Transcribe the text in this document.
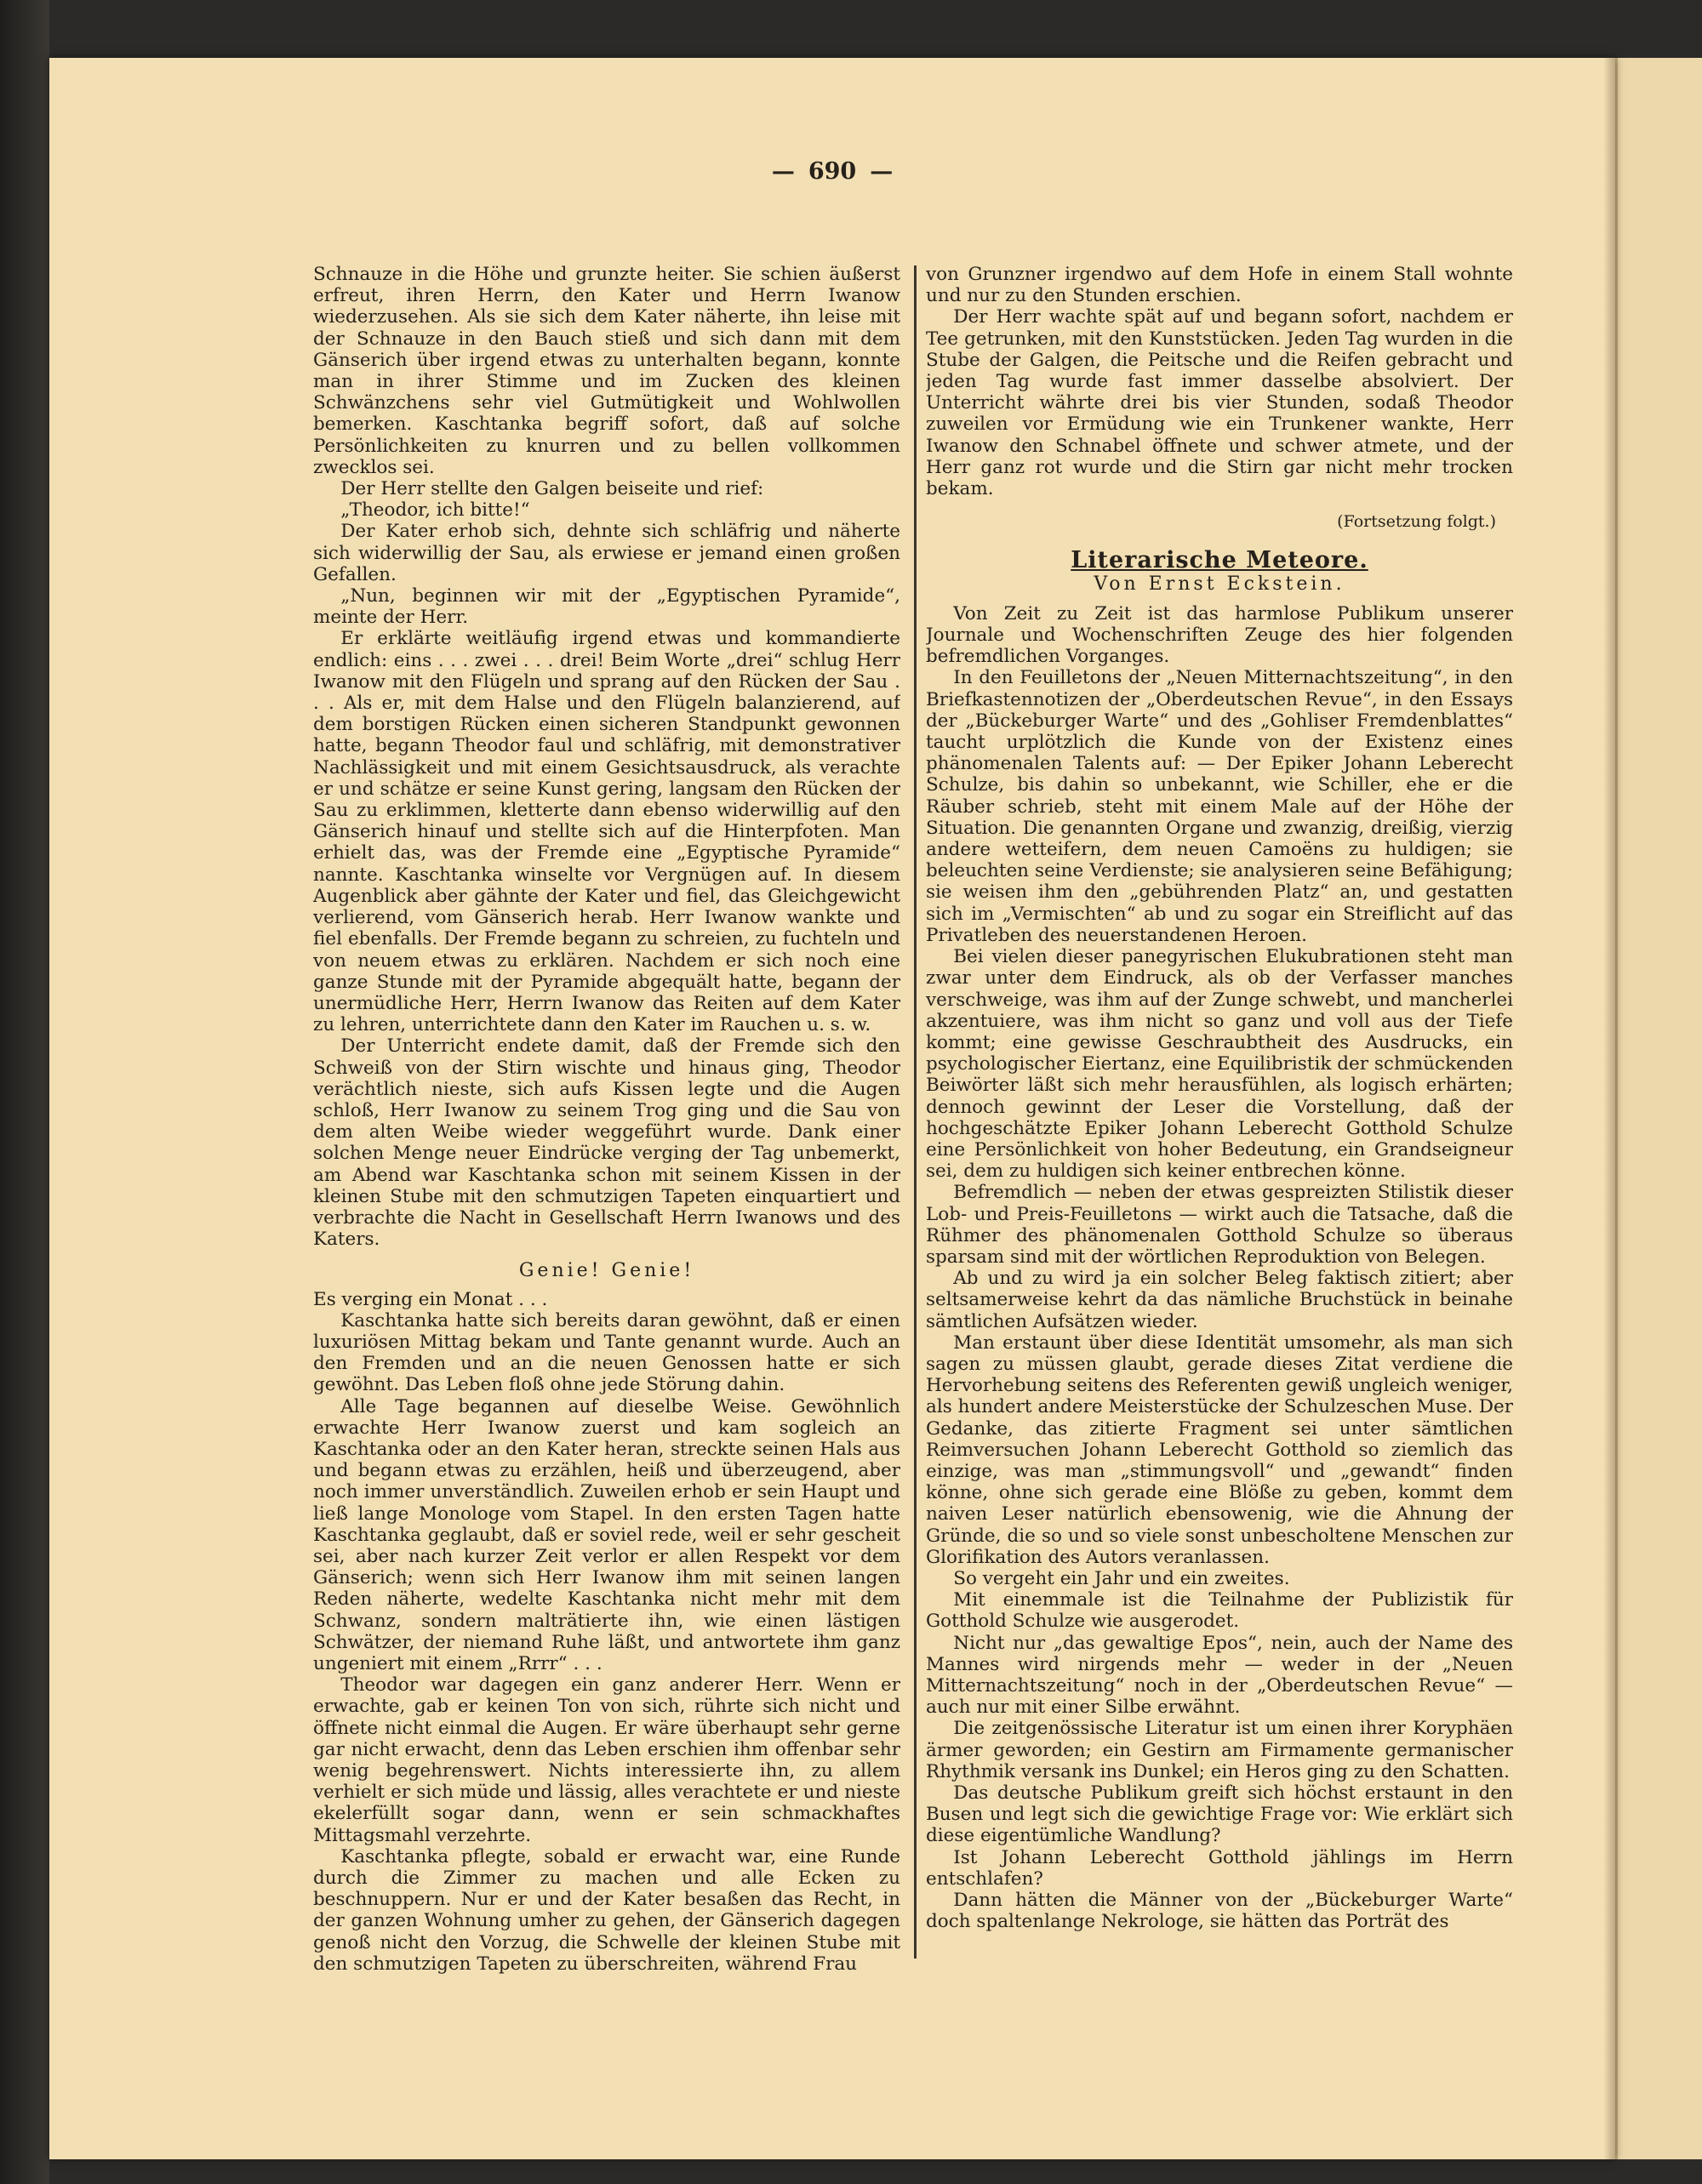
— 690 —

Schnauze in die Höhe und grunzte heiter. Sie schien äußerst erfreut, ihren Herrn, den Kater und Herrn Iwanow wiederzusehen. Als sie sich dem Kater näherte, ihn leise mit der Schnauze in den Bauch stieß und sich dann mit dem Gänserich über irgend etwas zu unterhalten begann, konnte man in ihrer Stimme und im Zucken des kleinen Schwänzchens sehr viel Gutmütigkeit und Wohlwollen bemerken. Kaschtanka begriff sofort, daß auf solche Persönlichkeiten zu knurren und zu bellen vollkommen zwecklos sei.

Der Herr stellte den Galgen beiseite und rief:

„Theodor, ich bitte!“

Der Kater erhob sich, dehnte sich schläfrig und näherte sich widerwillig der Sau, als erwiese er jemand einen großen Gefallen.

„Nun, beginnen wir mit der „Egyptischen Pyramide“, meinte der Herr.

Er erklärte weitläufig irgend etwas und kommandierte endlich: eins . . . zwei . . . drei! Beim Worte „drei“ schlug Herr Iwanow mit den Flügeln und sprang auf den Rücken der Sau . . . Als er, mit dem Halse und den Flügeln balanzierend, auf dem borstigen Rücken einen sicheren Standpunkt gewonnen hatte, begann Theodor faul und schläfrig, mit demonstrativer Nachlässigkeit und mit einem Gesichtsausdruck, als verachte er und schätze er seine Kunst gering, langsam den Rücken der Sau zu erklimmen, kletterte dann ebenso widerwillig auf den Gänserich hinauf und stellte sich auf die Hinterpfoten. Man erhielt das, was der Fremde eine „Egyptische Pyramide“ nannte. Kaschtanka winselte vor Vergnügen auf. In diesem Augenblick aber gähnte der Kater und fiel, das Gleichgewicht verlierend, vom Gänserich herab. Herr Iwanow wankte und fiel ebenfalls. Der Fremde begann zu schreien, zu fuchteln und von neuem etwas zu erklären. Nachdem er sich noch eine ganze Stunde mit der Pyramide abgequält hatte, begann der unermüdliche Herr, Herrn Iwanow das Reiten auf dem Kater zu lehren, unterrichtete dann den Kater im Rauchen u. s. w.

Der Unterricht endete damit, daß der Fremde sich den Schweiß von der Stirn wischte und hinaus ging, Theodor verächtlich nieste, sich aufs Kissen legte und die Augen schloß, Herr Iwanow zu seinem Trog ging und die Sau von dem alten Weibe wieder weggeführt wurde. Dank einer solchen Menge neuer Eindrücke verging der Tag unbemerkt, am Abend war Kaschtanka schon mit seinem Kissen in der kleinen Stube mit den schmutzigen Tapeten einquartiert und verbrachte die Nacht in Gesellschaft Herrn Iwanows und des Katers.

Genie! Genie!

Es verging ein Monat . . .

Kaschtanka hatte sich bereits daran gewöhnt, daß er einen luxuriösen Mittag bekam und Tante genannt wurde. Auch an den Fremden und an die neuen Genossen hatte er sich gewöhnt. Das Leben floß ohne jede Störung dahin.

Alle Tage begannen auf dieselbe Weise. Gewöhnlich erwachte Herr Iwanow zuerst und kam sogleich an Kaschtanka oder an den Kater heran, streckte seinen Hals aus und begann etwas zu erzählen, heiß und überzeugend, aber noch immer unverständlich. Zuweilen erhob er sein Haupt und ließ lange Monologe vom Stapel. In den ersten Tagen hatte Kaschtanka geglaubt, daß er soviel rede, weil er sehr gescheit sei, aber nach kurzer Zeit verlor er allen Respekt vor dem Gänserich; wenn sich Herr Iwanow ihm mit seinen langen Reden näherte, wedelte Kaschtanka nicht mehr mit dem Schwanz, sondern malträtierte ihn, wie einen lästigen Schwätzer, der niemand Ruhe läßt, und antwortete ihm ganz ungeniert mit einem „Rrrr“ . . .

Theodor war dagegen ein ganz anderer Herr. Wenn er erwachte, gab er keinen Ton von sich, rührte sich nicht und öffnete nicht einmal die Augen. Er wäre überhaupt sehr gerne gar nicht erwacht, denn das Leben erschien ihm offenbar sehr wenig begehrenswert. Nichts interessierte ihn, zu allem verhielt er sich müde und lässig, alles verachtete er und nieste ekelerfüllt sogar dann, wenn er sein schmackhaftes Mittagsmahl verzehrte.

Kaschtanka pflegte, sobald er erwacht war, eine Runde durch die Zimmer zu machen und alle Ecken zu beschnuppern. Nur er und der Kater besaßen das Recht, in der ganzen Wohnung umher zu gehen, der Gänserich dagegen genoß nicht den Vorzug, die Schwelle der kleinen Stube mit den schmutzigen Tapeten zu überschreiten, während Frau

von Grunzner irgendwo auf dem Hofe in einem Stall wohnte und nur zu den Stunden erschien.

Der Herr wachte spät auf und begann sofort, nachdem er Tee getrunken, mit den Kunststücken. Jeden Tag wurden in die Stube der Galgen, die Peitsche und die Reifen gebracht und jeden Tag wurde fast immer dasselbe absolviert. Der Unterricht währte drei bis vier Stunden, sodaß Theodor zuweilen vor Ermüdung wie ein Trunkener wankte, Herr Iwanow den Schnabel öffnete und schwer atmete, und der Herr ganz rot wurde und die Stirn gar nicht mehr trocken bekam.

(Fortsetzung folgt.)
Literarische Meteore.
Von Ernst Eckstein.

Von Zeit zu Zeit ist das harmlose Publikum unserer Journale und Wochenschriften Zeuge des hier folgenden befremdlichen Vorganges.

In den Feuilletons der „Neuen Mitternachtszeitung“, in den Briefkastennotizen der „Oberdeutschen Revue“, in den Essays der „Bückeburger Warte“ und des „Gohliser Fremdenblattes“ taucht urplötzlich die Kunde von der Existenz eines phänomenalen Talents auf: — Der Epiker Johann Leberecht Schulze, bis dahin so unbekannt, wie Schiller, ehe er die Räuber schrieb, steht mit einem Male auf der Höhe der Situation. Die genannten Organe und zwanzig, dreißig, vierzig andere wetteifern, dem neuen Camoëns zu huldigen; sie beleuchten seine Verdienste; sie analysieren seine Befähigung; sie weisen ihm den „gebührenden Platz“ an, und gestatten sich im „Vermischten“ ab und zu sogar ein Streiflicht auf das Privatleben des neuerstandenen Heroen.

Bei vielen dieser panegyrischen Elukubrationen steht man zwar unter dem Eindruck, als ob der Verfasser manches verschweige, was ihm auf der Zunge schwebt, und mancherlei akzentuiere, was ihm nicht so ganz und voll aus der Tiefe kommt; eine gewisse Geschraubtheit des Ausdrucks, ein psychologischer Eiertanz, eine Equilibristik der schmückenden Beiwörter läßt sich mehr herausfühlen, als logisch erhärten; dennoch gewinnt der Leser die Vorstellung, daß der hochgeschätzte Epiker Johann Leberecht Gotthold Schulze eine Persönlichkeit von hoher Bedeutung, ein Grandseigneur sei, dem zu huldigen sich keiner entbrechen könne.

Befremdlich — neben der etwas gespreizten Stilistik dieser Lob- und Preis-Feuilletons — wirkt auch die Tatsache, daß die Rühmer des phänomenalen Gotthold Schulze so überaus sparsam sind mit der wörtlichen Reproduktion von Belegen.

Ab und zu wird ja ein solcher Beleg faktisch zitiert; aber seltsamerweise kehrt da das nämliche Bruchstück in beinahe sämtlichen Aufsätzen wieder.

Man erstaunt über diese Identität umsomehr, als man sich sagen zu müssen glaubt, gerade dieses Zitat verdiene die Hervorhebung seitens des Referenten gewiß ungleich weniger, als hundert andere Meisterstücke der Schulzeschen Muse. Der Gedanke, das zitierte Fragment sei unter sämtlichen Reimversuchen Johann Leberecht Gotthold so ziemlich das einzige, was man „stimmungsvoll“ und „gewandt“ finden könne, ohne sich gerade eine Blöße zu geben, kommt dem naiven Leser natürlich ebensowenig, wie die Ahnung der Gründe, die so und so viele sonst unbescholtene Menschen zur Glorifikation des Autors veranlassen.

So vergeht ein Jahr und ein zweites.

Mit einemmale ist die Teilnahme der Publizistik für Gotthold Schulze wie ausgerodet.

Nicht nur „das gewaltige Epos“, nein, auch der Name des Mannes wird nirgends mehr — weder in der „Neuen Mitternachtszeitung“ noch in der „Oberdeutschen Revue“ — auch nur mit einer Silbe erwähnt.

Die zeitgenössische Literatur ist um einen ihrer Koryphäen ärmer geworden; ein Gestirn am Firmamente germanischer Rhythmik versank ins Dunkel; ein Heros ging zu den Schatten.

Das deutsche Publikum greift sich höchst erstaunt in den Busen und legt sich die gewichtige Frage vor: Wie erklärt sich diese eigentümliche Wandlung?

Ist Johann Leberecht Gotthold jählings im Herrn entschlafen?

Dann hätten die Männer von der „Bückeburger Warte“ doch spaltenlange Nekrologe, sie hätten das Porträt des
